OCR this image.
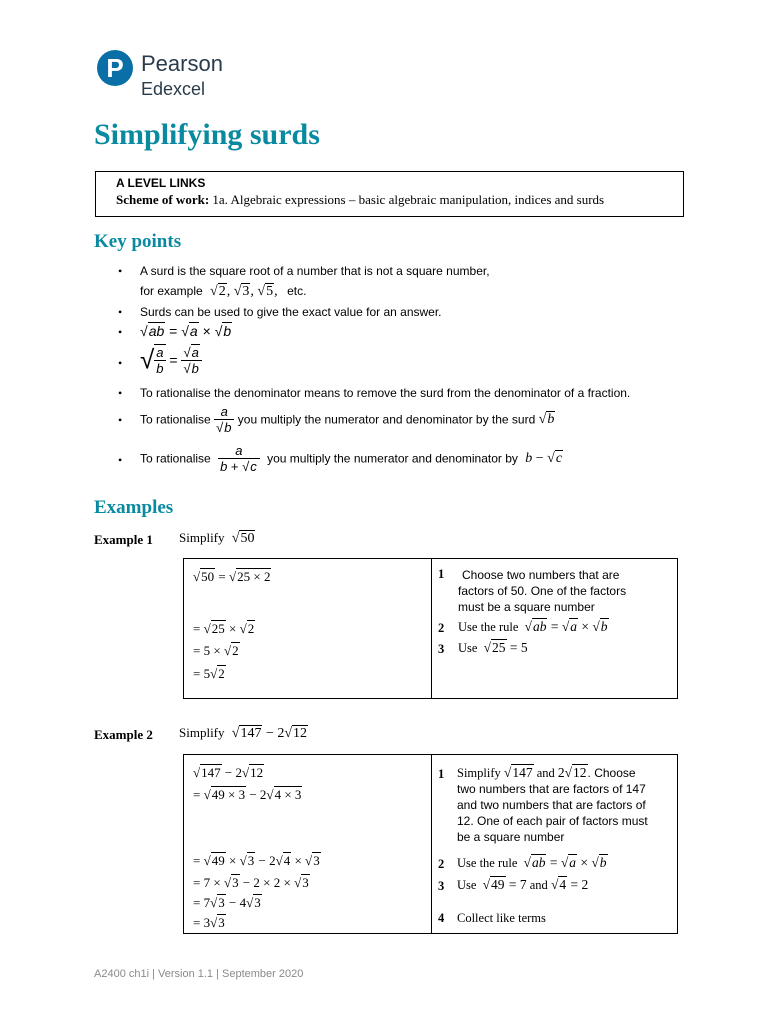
P Pearson
Edexcel
Simplifying surds
A LEVEL LINKS
Scheme of work: 1a. Algebraic expressions – basic algebraic manipulation, indices and surds
Key points
• A surd is the square root of a number that is not a square number,
for example √2, √3, √5, etc.
• Surds can be used to give the exact value for an answer.
• √ab = √a × √b
• √ $\frac{a}{b} = \frac{√a}{√b}$
• To rationalise the denominator means to remove the surd from the denominator of a fraction.
• To rationalise $\frac{a}{√b}$ you multiply the numerator and denominator by the surd √b
• To rationalise $\frac{a}{b + √c}$ you multiply the numerator and denominator by b − √c
Examples
Example 1 Simplify √50
√50 = √25 × 2
= √25 × √2
= 5 × √2
= 5√2
1	Choose two numbers that are
factors of 50. One of the factors
must be a square number
2 Use the rule √ab = √a × √b
3 Use √25 = 5
Example 2 Simplify √147 − 2√12
√147 − 2√12
= √49 × 3 − 2√4 × 3
= √49 × √3 − 2√4 × √3
= 7 × √3 − 2 × 2 × √3
= 7√3 − 4√3
= 3√3
1 Simplify √147 and 2√12. Choose
two numbers that are factors of 147
and two numbers that are factors of
12. One of each pair of factors must
be a square number
2 Use the rule √ab = √a × √b
3 Use √49 = 7 and √4 = 2
4 Collect like terms
A2400 ch1i | Version 1.1 | September 2020
